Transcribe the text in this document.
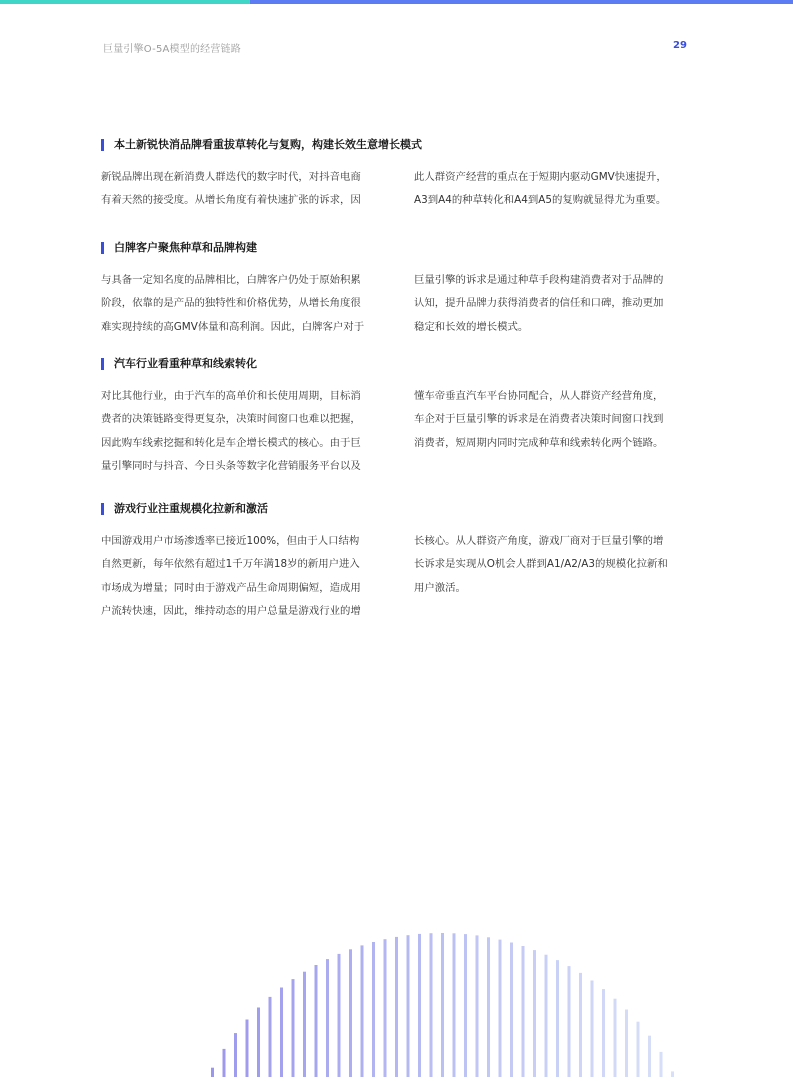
巨量引擎O-5A模型的经营链路	29
本土新锐快消品牌看重拔草转化与复购，构建长效生意增长模式
新锐品牌出现在新消费人群迭代的数字时代，对抖音电商
有着天然的接受度。从增长角度有着快速扩张的诉求，因
此人群资产经营的重点在于短期内驱动GMV快速提升，
A3到A4的种草转化和A4到A5的复购就显得尤为重要。
白牌客户聚焦种草和品牌构建
与具备一定知名度的品牌相比，白牌客户仍处于原始积累
阶段，依靠的是产品的独特性和价格优势，从增长角度很
难实现持续的高GMV体量和高利润。因此，白牌客户对于
巨量引擎的诉求是通过种草手段构建消费者对于品牌的
认知，提升品牌力获得消费者的信任和口碑，推动更加
稳定和长效的增长模式。
汽车行业看重种草和线索转化
对比其他行业，由于汽车的高单价和长使用周期，目标消
费者的决策链路变得更复杂，决策时间窗口也难以把握，
因此购车线索挖掘和转化是车企增长模式的核心。由于巨
量引擎同时与抖音、今日头条等数字化营销服务平台以及
懂车帝垂直汽车平台协同配合，从人群资产经营角度，
车企对于巨量引擎的诉求是在消费者决策时间窗口找到
消费者，短周期内同时完成种草和线索转化两个链路。
游戏行业注重规模化拉新和激活
中国游戏用户市场渗透率已接近100%，但由于人口结构
自然更新，每年依然有超过1千万年满18岁的新用户进入
市场成为增量；同时由于游戏产品生命周期偏短，造成用
户流转快速，因此，维持动态的用户总量是游戏行业的增
长核心。从人群资产角度，游戏厂商对于巨量引擎的增
长诉求是实现从O机会人群到A1/A2/A3的规模化拉新和
用户激活。
